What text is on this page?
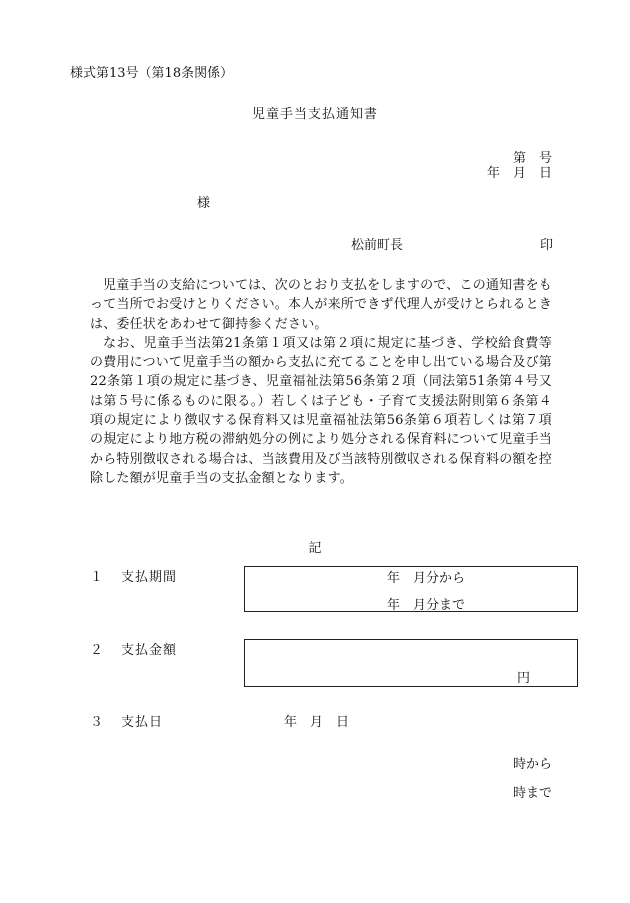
様式第13号（第18条関係）
児童手当支払通知書
第　号
年　月　日
様
松前町長	印

児童手当の支給については、次のとおり支払をしますので、この通知書をもって当所でお受けとりください。本人が来所できず代理人が受けとられるときは、委任状をあわせて御持参ください。

なお、児童手当法第21条第１項又は第２項に規定に基づき、学校給食費等の費用について児童手当の額から支払に充てることを申し出ている場合及び第22条第１項の規定に基づき、児童福祉法第56条第２項（同法第51条第４号又は第５号に係るものに限る。）若しくは子ども・子育て支援法附則第６条第４項の規定により徴収する保育料又は児童福祉法第56条第６項若しくは第７項の規定により地方税の滞納処分の例により処分される保育料について児童手当から特別徴収される場合は、当該費用及び当該特別徴収される保育料の額を控除した額が児童手当の支払金額となります。

記
１ 支払期間	年　月分から
年　月分まで
２ 支払金額
円
３ 支払日	年　月　日
時から
時まで
